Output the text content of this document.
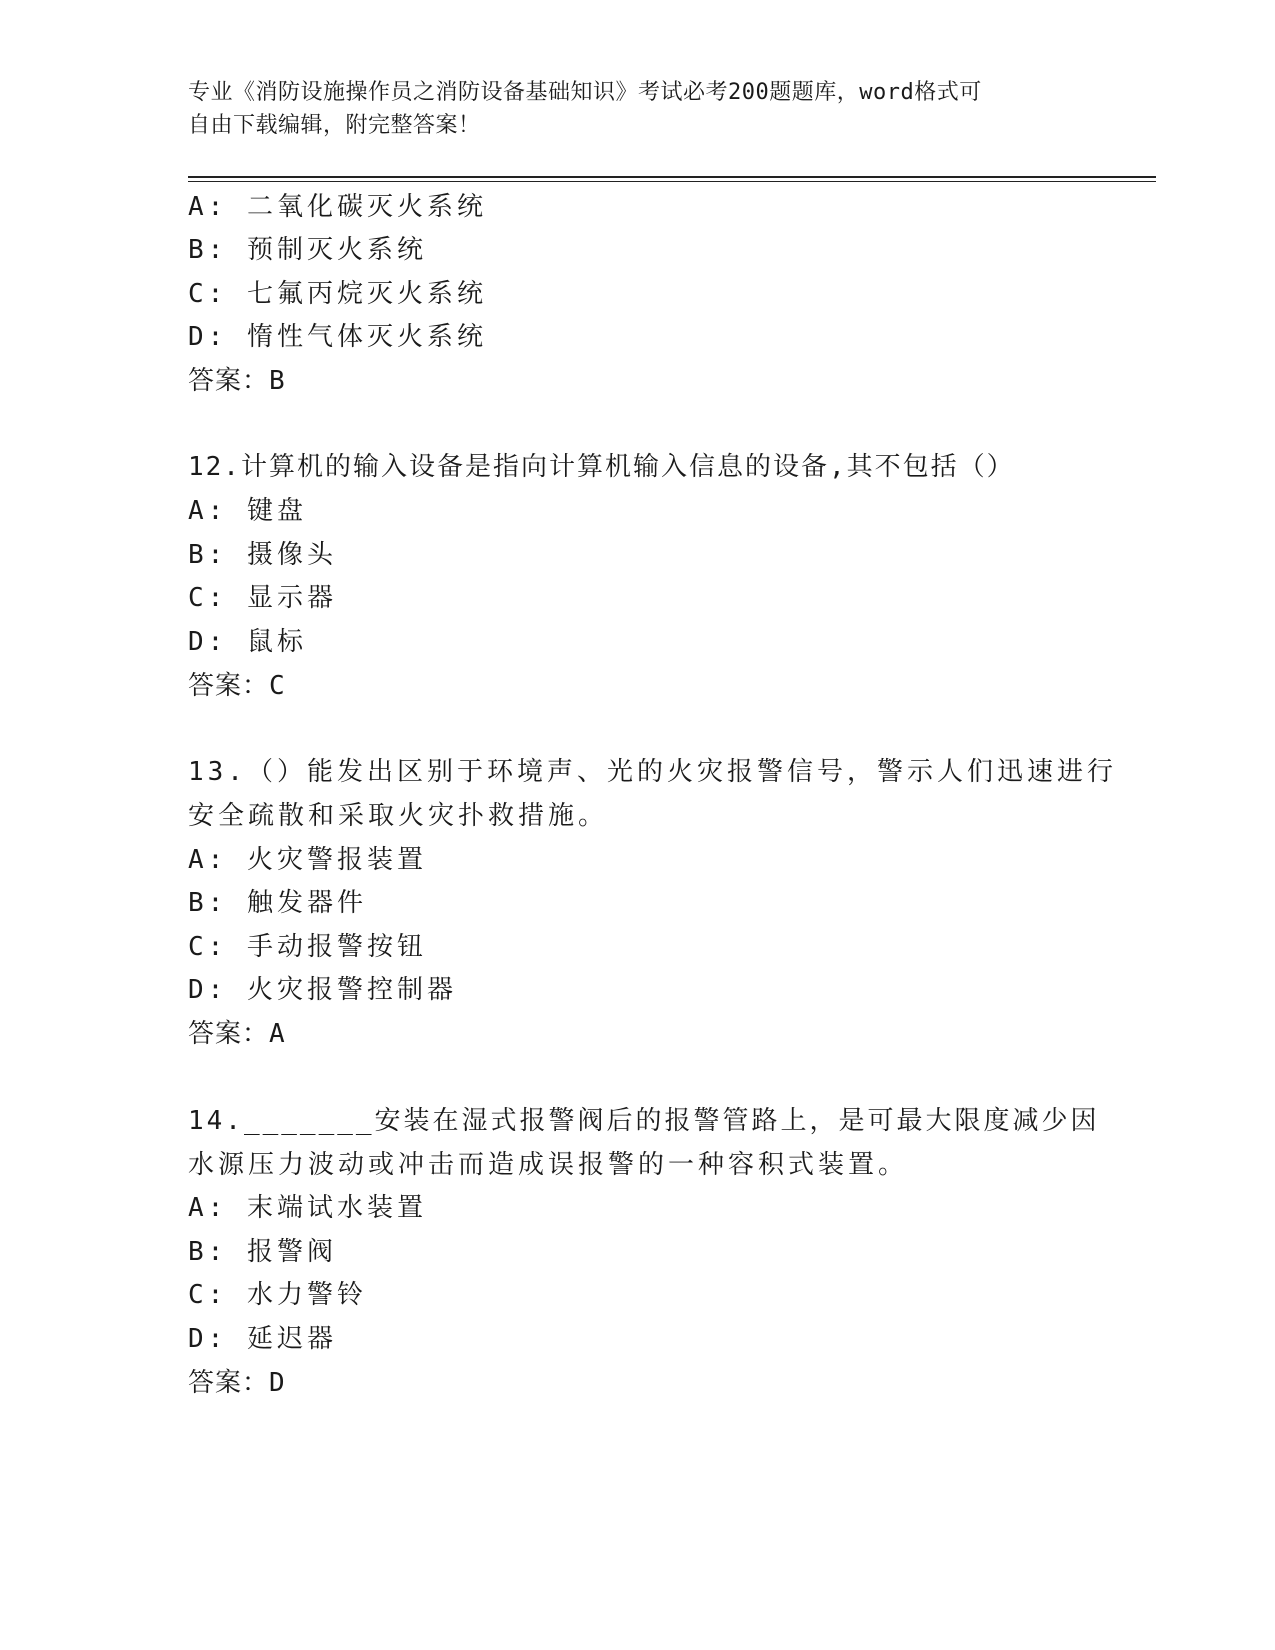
专业《消防设施操作员之消防设备基础知识》考试必考200题题库，word格式可
自由下载编辑，附完整答案！
A: 二氧化碳灭火系统
B: 预制灭火系统
C: 七氟丙烷灭火系统
D: 惰性气体灭火系统
答案：B
12.计算机的输入设备是指向计算机输入信息的设备,其不包括（）
A: 键盘
B: 摄像头
C: 显示器
D: 鼠标
答案：C
13.（）能发出区别于环境声、光的火灾报警信号，警示人们迅速进行
安全疏散和采取火灾扑救措施。
A: 火灾警报装置
B: 触发器件
C: 手动报警按钮
D: 火灾报警控制器
答案：A
14._______安装在湿式报警阀后的报警管路上，是可最大限度减少因
水源压力波动或冲击而造成误报警的一种容积式装置。
A: 末端试水装置
B: 报警阀
C: 水力警铃
D: 延迟器
答案：D
